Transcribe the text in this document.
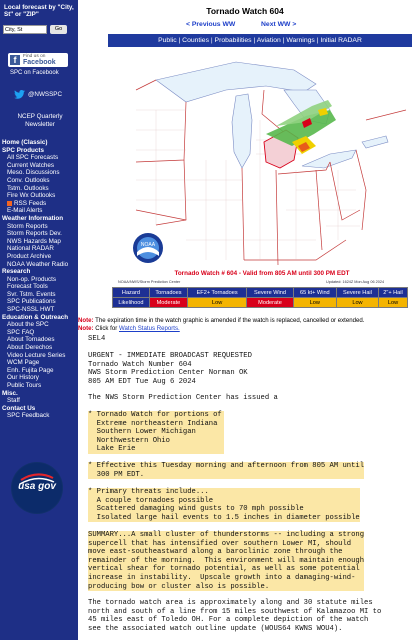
Local forecast by "City, St" or "ZIP"
City, St
Go
f	Find us on
Facebook
SPC on Facebook
@NWSSPC
NCEP Quarterly Newsletter
Home (Classic)
SPC Products
All SPC Forecasts
Current Watches
Meso. Discussions
Conv. Outlooks
Tstm. Outlooks
Fire Wx Outlooks
RSS Feeds
E-Mail Alerts
Weather Information
Storm Reports
Storm Reports Dev.
NWS Hazards Map
National RADAR
Product Archive
NOAA Weather Radio
Research
Non-op. Products
Forecast Tools
Svr. Tstm. Events
SPC Publications
SPC-NSSL HWT
Education & Outreach
About the SPC
SPC FAQ
About Tornadoes
About Derechos
Video Lecture Series
WCM Page
Enh. Fujita Page
Our History
Public Tours
Misc.
Staff
Contact Us
SPC Feedback
usa gov
Tornado Watch 604
< Previous WW	Next WW >
Public | Counties | Probabilities | Aviation | Warnings | Initial RADAR
NOAA
Tornado Watch # 604 - Valid from 805 AM until 300 PM EDT
NOAA/NWS/Storm Prediction Center	Updated: 1624Z Mon Aug 06 2024
Hazard	Tornadoes	EF2+ Tornadoes	Severe Wind	65 kt+ Wind	Severe Hail	2"+ Hail
Likelihood	Moderate	Low	Moderate	Low	Low	Low
Note: The expiration time in the watch graphic is amended if the watch is replaced, cancelled or extended.
Note: Click for Watch Status Reports.
SEL4
URGENT - IMMEDIATE BROADCAST REQUESTED
Tornado Watch Number 604
NWS Storm Prediction Center Norman OK
805 AM EDT Tue Aug 6 2024
The NWS Storm Prediction Center has issued a
* Tornado Watch for portions of
Extreme northeastern Indiana
Southern Lower Michigan
Northwestern Ohio
Lake Erie
* Effective this Tuesday morning and afternoon from 805 AM until
300 PM EDT.
* Primary threats include...
A couple tornadoes possible
Scattered damaging wind gusts to 70 mph possible
Isolated large hail events to 1.5 inches in diameter possible
SUMMARY...A small cluster of thunderstorms -- including a strong
supercell that has intensified over southern Lower MI, should
move east-southeastward along a baroclinic zone through the
remainder of the morning.  This environment will maintain enough
vertical shear for tornado potential, as well as some potential
increase in instability.  Upscale growth into a damaging-wind-
producing bow or cluster also is possible.
The tornado watch area is approximately along and 30 statute miles
north and south of a line from 15 miles southwest of Kalamazoo MI to
45 miles east of Toledo OH. For a complete depiction of the watch
see the associated watch outline update (WOUS64 KWNS WOU4).
